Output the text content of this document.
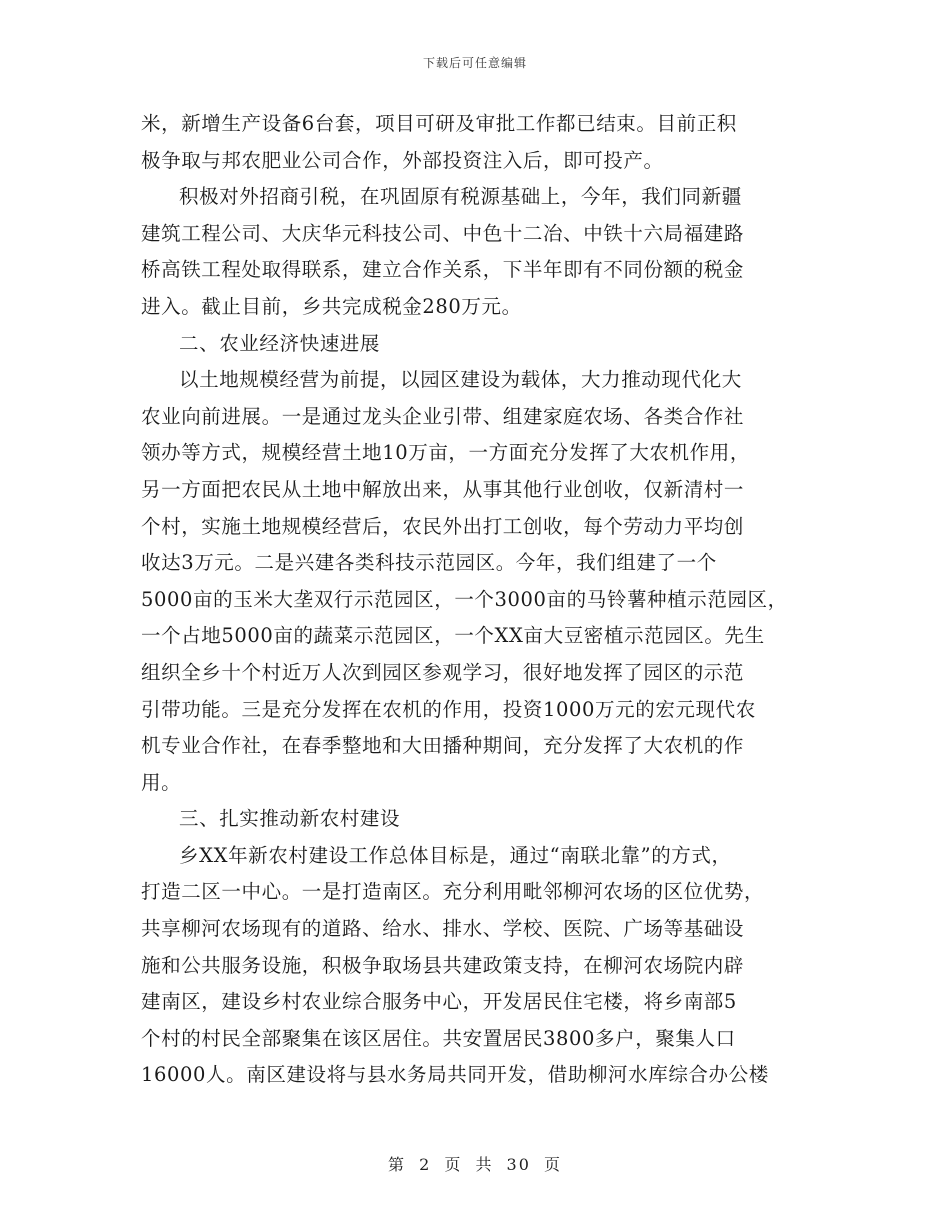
下载后可任意编辑
米，新增生产设备6台套，项目可研及审批工作都已结束。目前正积
极争取与邦农肥业公司合作，外部投资注入后，即可投产。
积极对外招商引税，在巩固原有税源基础上，今年，我们同新疆
建筑工程公司、大庆华元科技公司、中色十二冶、中铁十六局福建路
桥高铁工程处取得联系，建立合作关系，下半年即有不同份额的税金
进入。截止目前，乡共完成税金280万元。
二、农业经济快速进展
以土地规模经营为前提，以园区建设为载体，大力推动现代化大
农业向前进展。一是通过龙头企业引带、组建家庭农场、各类合作社
领办等方式，规模经营土地10万亩，一方面充分发挥了大农机作用，
另一方面把农民从土地中解放出来，从事其他行业创收，仅新清村一
个村，实施土地规模经营后，农民外出打工创收，每个劳动力平均创
收达3万元。二是兴建各类科技示范园区。今年，我们组建了一个
5000亩的玉米大垄双行示范园区，一个3000亩的马铃薯种植示范园区，
一个占地5000亩的蔬菜示范园区，一个XX亩大豆密植示范园区。先生
组织全乡十个村近万人次到园区参观学习，很好地发挥了园区的示范
引带功能。三是充分发挥在农机的作用，投资1000万元的宏元现代农
机专业合作社，在春季整地和大田播种期间，充分发挥了大农机的作
用。
三、扎实推动新农村建设
乡XX年新农村建设工作总体目标是，通过“南联北靠”的方式，
打造二区一中心。一是打造南区。充分利用毗邻柳河农场的区位优势，
共享柳河农场现有的道路、给水、排水、学校、医院、广场等基础设
施和公共服务设施，积极争取场县共建政策支持，在柳河农场院内辟
建南区，建设乡村农业综合服务中心，开发居民住宅楼，将乡南部5
个村的村民全部聚集在该区居住。共安置居民3800多户，聚集人口
16000人。南区建设将与县水务局共同开发，借助柳河水库综合办公楼
第 2 页 共 30 页
